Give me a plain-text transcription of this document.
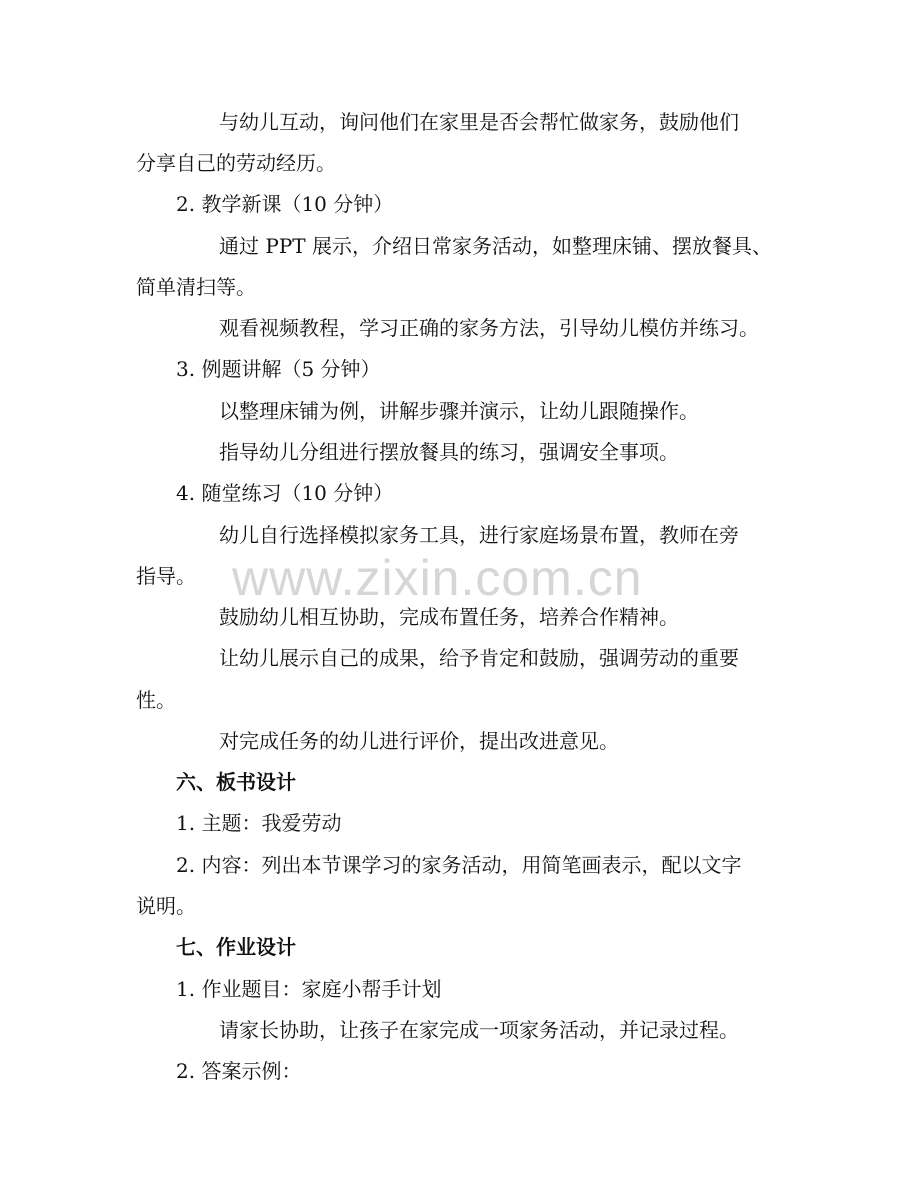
www.zixin.com.cn
与幼儿互动，询问他们在家里是否会帮忙做家务，鼓励他们
分享自己的劳动经历。
2. 教学新课（10 分钟）
通过 PPT 展示，介绍日常家务活动，如整理床铺、摆放餐具、
简单清扫等。
观看视频教程，学习正确的家务方法，引导幼儿模仿并练习。
3. 例题讲解（5 分钟）
以整理床铺为例，讲解步骤并演示，让幼儿跟随操作。
指导幼儿分组进行摆放餐具的练习，强调安全事项。
4. 随堂练习（10 分钟）
幼儿自行选择模拟家务工具，进行家庭场景布置，教师在旁
指导。
鼓励幼儿相互协助，完成布置任务，培养合作精神。
让幼儿展示自己的成果，给予肯定和鼓励，强调劳动的重要
性。
对完成任务的幼儿进行评价，提出改进意见。
六、板书设计
1. 主题：我爱劳动
2. 内容：列出本节课学习的家务活动，用简笔画表示，配以文字
说明。
七、作业设计
1. 作业题目：家庭小帮手计划
请家长协助，让孩子在家完成一项家务活动，并记录过程。
2. 答案示例：
